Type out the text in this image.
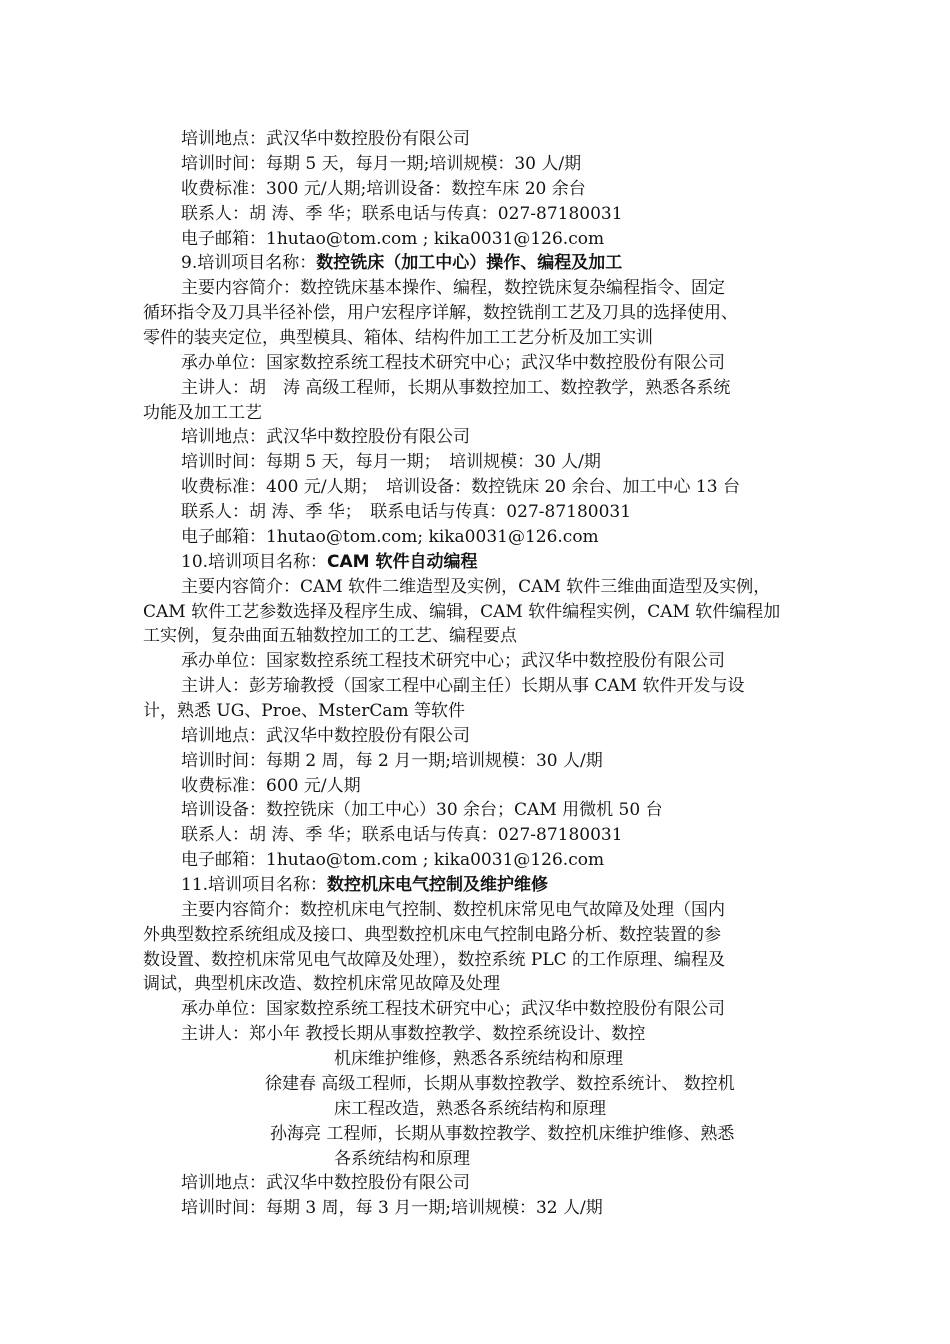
培训地点：武汉华中数控股份有限公司
培训时间：每期 5 天，每月一期;培训规模：30 人/期
收费标准：300 元/人期;培训设备：数控车床 20 余台
联系人：胡 涛、季 华；联系电话与传真：027-87180031
电子邮箱：1hutao@tom.com ; kika0031@126.com
9.培训项目名称：数控铣床（加工中心）操作、编程及加工
主要内容简介：数控铣床基本操作、编程，数控铣床复杂编程指令、固定
循环指令及刀具半径补偿，用户宏程序详解，数控铣削工艺及刀具的选择使用、
零件的装夹定位，典型模具、箱体、结构件加工工艺分析及加工实训
承办单位：国家数控系统工程技术研究中心；武汉华中数控股份有限公司
主讲人：胡　涛 高级工程师，长期从事数控加工、数控教学，熟悉各系统
功能及加工工艺
培训地点：武汉华中数控股份有限公司
培训时间：每期 5 天，每月一期；　培训规模：30 人/期
收费标准：400 元/人期；　培训设备：数控铣床 20 余台、加工中心 13 台
联系人：胡 涛、季 华；　联系电话与传真：027-87180031
电子邮箱：1hutao@tom.com; kika0031@126.com
10.培训项目名称：CAM 软件自动编程
主要内容简介：CAM 软件二维造型及实例，CAM 软件三维曲面造型及实例，
CAM 软件工艺参数选择及程序生成、编辑，CAM 软件编程实例，CAM 软件编程加
工实例，复杂曲面五轴数控加工的工艺、编程要点
承办单位：国家数控系统工程技术研究中心；武汉华中数控股份有限公司
主讲人：彭芳瑜教授（国家工程中心副主任）长期从事 CAM 软件开发与设
计，熟悉 UG、Proe、MsterCam 等软件
培训地点：武汉华中数控股份有限公司
培训时间：每期 2 周，每 2 月一期;培训规模：30 人/期
收费标准：600 元/人期
培训设备：数控铣床（加工中心）30 余台；CAM 用微机 50 台
联系人：胡 涛、季 华；联系电话与传真：027-87180031
电子邮箱：1hutao@tom.com ; kika0031@126.com
11.培训项目名称：数控机床电气控制及维护维修
主要内容简介：数控机床电气控制、数控机床常见电气故障及处理（国内
外典型数控系统组成及接口、典型数控机床电气控制电路分析、数控装置的参
数设置、数控机床常见电气故障及处理），数控系统 PLC 的工作原理、编程及
调试，典型机床改造、数控机床常见故障及处理
承办单位：国家数控系统工程技术研究中心；武汉华中数控股份有限公司
主讲人：郑小年 教授长期从事数控教学、数控系统设计、数控
机床维护维修，熟悉各系统结构和原理
徐建春 高级工程师，长期从事数控教学、数控系统计、 数控机
床工程改造，熟悉各系统结构和原理
孙海亮 工程师，长期从事数控教学、数控机床维护维修、熟悉
各系统结构和原理
培训地点：武汉华中数控股份有限公司
培训时间：每期 3 周，每 3 月一期;培训规模：32 人/期
